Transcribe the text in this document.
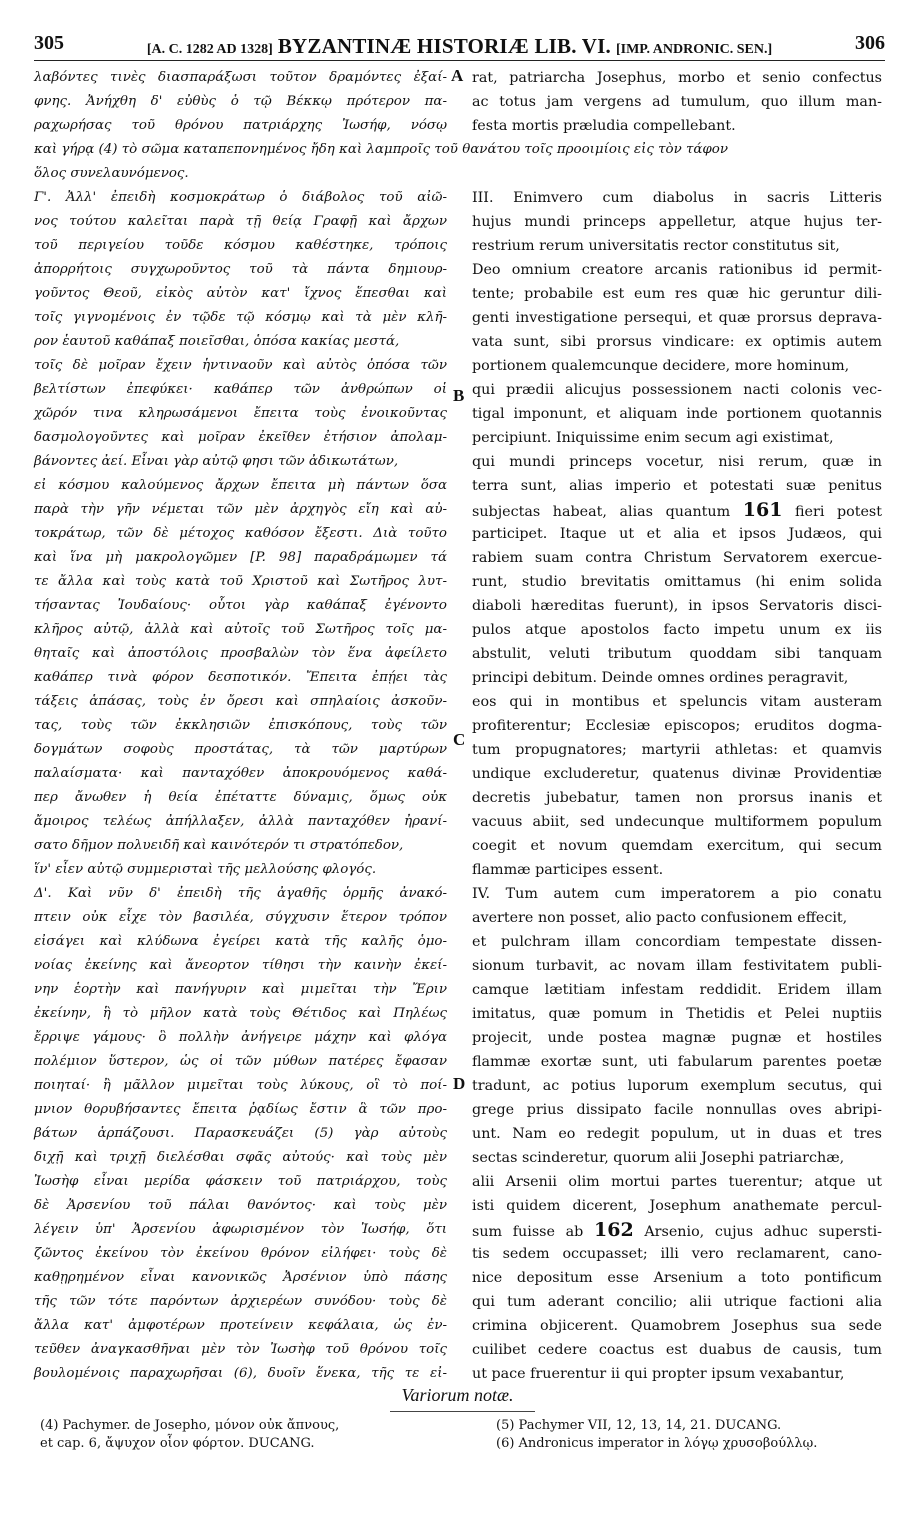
305	[A. C. 1282 AD 1328] BYZANTINÆ HISTORIÆ LIB. VI. [IMP. ANDRONIC. SEN.]	306
λαβόντες τινὲς διασπαράξωσι τοῦτον δραμόντες ἐξαί-
φνης. Ἀνήχθη δ' εὐθὺς ὁ τῷ Βέκκῳ πρότερον πα-
ραχωρήσας τοῦ θρόνου πατριάρχης Ἰωσήφ, νόσῳ
ὅλος συνελαυνόμενος.
Γ'. Ἀλλ' ἐπειδὴ κοσμοκράτωρ ὁ διάβολος τοῦ αἰῶ-
νος τούτου καλεῖται παρὰ τῇ θείᾳ Γραφῇ καὶ ἄρχων
τοῦ περιγείου τοῦδε κόσμου καθέστηκε, τρόποις
ἀπορρήτοις συγχωροῦντος τοῦ τὰ πάντα δημιουρ-
γοῦντος Θεοῦ, εἰκὸς αὐτὸν κατ' ἴχνος ἕπεσθαι καὶ
τοῖς γιγνομένοις ἐν τῷδε τῷ κόσμῳ καὶ τὰ μὲν κλῆ-
ρον ἑαυτοῦ καθάπαξ ποιεῖσθαι, ὁπόσα κακίας μεστά,
τοῖς δὲ μοῖραν ἔχειν ἡντιναοῦν καὶ αὐτὸς ὁπόσα τῶν
βελτίστων ἐπεφύκει· καθάπερ τῶν ἀνθρώπων οἱ
χῶρόν τινα κληρωσάμενοι ἔπειτα τοὺς ἐνοικοῦντας
δασμολογοῦντες καὶ μοῖραν ἐκεῖθεν ἐτήσιον ἀπολαμ-
βάνοντες ἀεί. Εἶναι γὰρ αὐτῷ φησι τῶν ἀδικωτάτων,
εἰ κόσμου καλούμενος ἄρχων ἔπειτα μὴ πάντων ὅσα
παρὰ τὴν γῆν νέμεται τῶν μὲν ἀρχηγὸς εἴη καὶ αὐ-
τοκράτωρ, τῶν δὲ μέτοχος καθόσον ἔξεστι. Διὰ τοῦτο
καὶ ἵνα μὴ μακρολογῶμεν [P. 98] παραδράμωμεν τά
τε ἄλλα καὶ τοὺς κατὰ τοῦ Χριστοῦ καὶ Σωτῆρος λυτ-
τήσαντας Ἰουδαίους· οὗτοι γὰρ καθάπαξ ἐγένοντο
κλῆρος αὐτῷ, ἀλλὰ καὶ αὐτοῖς τοῦ Σωτῆρος τοῖς μα-
θηταῖς καὶ ἀποστόλοις προσβαλὼν τὸν ἕνα ἀφείλετο
καθάπερ τινὰ φόρον δεσποτικόν. Ἔπειτα ἐπῄει τὰς
τάξεις ἁπάσας, τοὺς ἐν ὄρεσι καὶ σπηλαίοις ἀσκοῦν-
τας, τοὺς τῶν ἐκκλησιῶν ἐπισκόπους, τοὺς τῶν
δογμάτων σοφοὺς προστάτας, τὰ τῶν μαρτύρων
παλαίσματα· καὶ πανταχόθεν ἀποκρουόμενος καθά-
περ ἄνωθεν ἡ θεία ἐπέταττε δύναμις, ὅμως οὐκ
ἄμοιρος τελέως ἀπήλλαξεν, ἀλλὰ πανταχόθεν ἠρανί-
σατο δῆμον πολυειδῆ καὶ καινότερόν τι στρατόπεδον,
ἵν' εἶεν αὐτῷ συμμερισταὶ τῆς μελλούσης φλογός.
Δ'. Καὶ νῦν δ' ἐπειδὴ τῆς ἀγαθῆς ὁρμῆς ἀνακό-
πτειν οὐκ εἶχε τὸν βασιλέα, σύγχυσιν ἕτερον τρόπον
εἰσάγει καὶ κλύδωνα ἐγείρει κατὰ τῆς καλῆς ὁμο-
νοίας ἐκείνης καὶ ἄνεορτον τίθησι τὴν καινὴν ἐκεί-
νην ἑορτὴν καὶ πανήγυριν καὶ μιμεῖται τὴν Ἔριν
ἐκείνην, ἣ τὸ μῆλον κατὰ τοὺς Θέτιδος καὶ Πηλέως
ἔρριψε γάμους· ὃ πολλὴν ἀνήγειρε μάχην καὶ φλόγα
πολέμιον ὕστερον, ὡς οἱ τῶν μύθων πατέρες ἔφασαν
ποιηταί· ἢ μᾶλλον μιμεῖται τοὺς λύκους, οἳ τὸ ποί-
μνιον θορυβήσαντες ἔπειτα ῥᾳδίως ἔστιν ἃ τῶν προ-
βάτων ἁρπάζουσι. Παρασκευάζει (5) γὰρ αὐτοὺς
διχῇ καὶ τριχῇ διελέσθαι σφᾶς αὐτούς· καὶ τοὺς μὲν
Ἰωσὴφ εἶναι μερίδα φάσκειν τοῦ πατριάρχου, τοὺς
δὲ Ἀρσενίου τοῦ πάλαι θανόντος· καὶ τοὺς μὲν
λέγειν ὑπ' Ἀρσενίου ἀφωρισμένον τὸν Ἰωσήφ, ὅτι
ζῶντος ἐκείνου τὸν ἐκείνου θρόνον εἰλήφει· τοὺς δὲ
καθῃρημένον εἶναι κανονικῶς Ἀρσένιον ὑπὸ πάσης
τῆς τῶν τότε παρόντων ἀρχιερέων συνόδου· τοὺς δὲ
ἄλλα κατ' ἀμφοτέρων προτείνειν κεφάλαια, ὡς ἐν-
τεῦθεν ἀναγκασθῆναι μὲν τὸν Ἰωσὴφ τοῦ θρόνου τοῖς
βουλομένοις παραχωρῆσαι (6), δυοῖν ἕνεκα, τῆς τε εἰ-
rat, patriarcha Josephus, morbo et senio confectus
ac totus jam vergens ad tumulum, quo illum man-
festa mortis præludia compellebant.
III. Enimvero cum diabolus in sacris Litteris
hujus mundi princeps appelletur, atque hujus ter-
restrium rerum universitatis rector constitutus sit,
Deo omnium creatore arcanis rationibus id permit-
tente; probabile est eum res quæ hic geruntur dili-
genti investigatione persequi, et quæ prorsus deprava-
vata sunt, sibi prorsus vindicare: ex optimis autem
portionem qualemcunque decidere, more hominum,
qui prædii alicujus possessionem nacti colonis vec-
tigal imponunt, et aliquam inde portionem quotannis
percipiunt. Iniquissime enim secum agi existimat,
qui mundi princeps vocetur, nisi rerum, quæ in
terra sunt, alias imperio et potestati suæ penitus
subjectas habeat, alias quantum 161 fieri potest
participet. Itaque ut et alia et ipsos Judæos, qui
rabiem suam contra Christum Servatorem exercue-
runt, studio brevitatis omittamus (hi enim solida
diaboli hæreditas fuerunt), in ipsos Servatoris disci-
pulos atque apostolos facto impetu unum ex iis
abstulit, veluti tributum quoddam sibi tanquam
principi debitum. Deinde omnes ordines peragravit,
eos qui in montibus et speluncis vitam austeram
profiterentur; Ecclesiæ episcopos; eruditos dogma-
tum propugnatores; martyrii athletas: et quamvis
undique excluderetur, quatenus divinæ Providentiæ
decretis jubebatur, tamen non prorsus inanis et
vacuus abiit, sed undecunque multiformem populum
coegit et novum quemdam exercitum, qui secum
flammæ participes essent.
IV. Tum autem cum imperatorem a pio conatu
avertere non posset, alio pacto confusionem effecit,
et pulchram illam concordiam tempestate dissen-
sionum turbavit, ac novam illam festivitatem publi-
camque lætitiam infestam reddidit. Eridem illam
imitatus, quæ pomum in Thetidis et Pelei nuptiis
projecit, unde postea magnæ pugnæ et hostiles
flammæ exortæ sunt, uti fabularum parentes poetæ
tradunt, ac potius luporum exemplum secutus, qui
grege prius dissipato facile nonnullas oves abripi-
unt. Nam eo redegit populum, ut in duas et tres
sectas scinderetur, quorum alii Josephi patriarchæ,
alii Arsenii olim mortui partes tuerentur; atque ut
isti quidem dicerent, Josephum anathemate percul-
sum fuisse ab 162 Arsenio, cujus adhuc supersti-
tis sedem occupasset; illi vero reclamarent, cano-
nice depositum esse Arsenium a toto pontificum
qui tum aderant concilio; alii utrique factioni alia
crimina objicerent. Quamobrem Josephus sua sede
cuilibet cedere coactus est duabus de causis, tum
ut pace fruerentur ii qui propter ipsum vexabantur,
καὶ γήρᾳ (4) τὸ σῶμα καταπεπονημένος ἤδη καὶ λαμπροῖς τοῦ θανάτου τοῖς προοιμίοις εἰς τὸν τάφον
A
B
C
D
Variorum notæ.
(4) Pachymer. de Josepho, μόνον οὐκ ἄπνους,
et cap. 6, ἄψυχον οἷον φόρτον. DUCANG.
(5) Pachymer VII, 12, 13, 14, 21. DUCANG.
(6) Andronicus imperator in λόγῳ χρυσοβούλλῳ.
